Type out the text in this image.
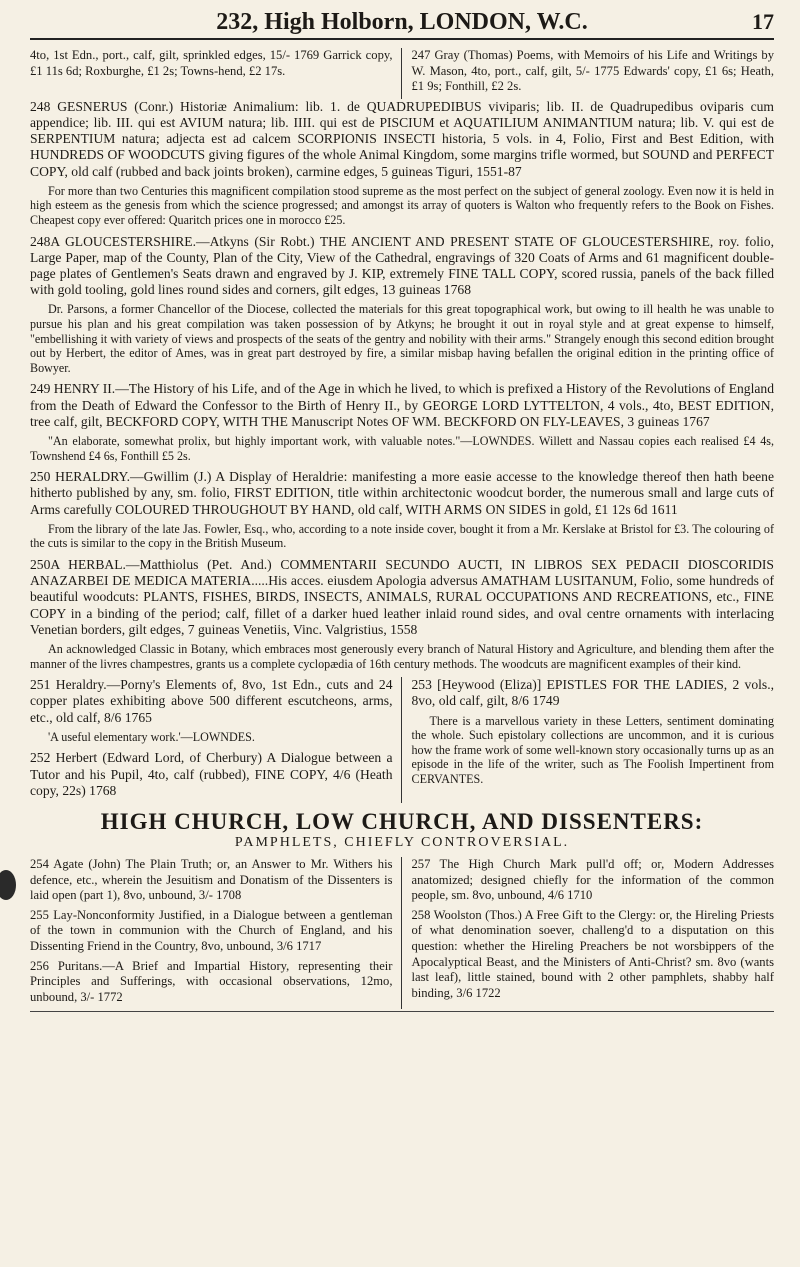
232, High Holborn, LONDON, W.C.	17

4to, 1st Edn., port., calf, gilt, sprinkled edges, 15/- 1769 Garrick copy, £1 11s 6d; Roxburghe, £1 2s; Towns-hend, £2 17s.

247 Gray (Thomas) Poems, with Memoirs of his Life and Writings by W. Mason, 4to, port., calf, gilt, 5/- 1775 Edwards' copy, £1 6s; Heath, £1 9s; Fonthill, £2 2s.

248 GESNERUS (Conr.) Historiæ Animalium: lib. 1. de QUADRUPEDIBUS viviparis; lib. II. de Quadrupedibus oviparis cum appendice; lib. III. qui est AVIUM natura; lib. IIII. qui est de PISCIUM et AQUATILIUM ANIMANTIUM natura; lib. V. qui est de SERPENTIUM natura; adjecta est ad calcem SCORPIONIS INSECTI historia, 5 vols. in 4, Folio, First and Best Edition, with HUNDREDS OF WOODCUTS giving figures of the whole Animal Kingdom, some margins trifle wormed, but SOUND and PERFECT COPY, old calf (rubbed and back joints broken), carmine edges, 5 guineas Tiguri, 1551-87

For more than two Centuries this magnificent compilation stood supreme as the most perfect on the subject of general zoology. Even now it is held in high esteem as the genesis from which the science progressed; and amongst its array of quoters is Walton who frequently refers to the Book on Fishes. Cheapest copy ever offered: Quaritch prices one in morocco £25.

248A GLOUCESTERSHIRE.—Atkyns (Sir Robt.) THE ANCIENT AND PRESENT STATE OF GLOUCESTERSHIRE, roy. folio, Large Paper, map of the County, Plan of the City, View of the Cathedral, engravings of 320 Coats of Arms and 61 magnificent double-page plates of Gentlemen's Seats drawn and engraved by J. KIP, extremely FINE TALL COPY, scored russia, panels of the back filled with gold tooling, gold lines round sides and corners, gilt edges, 13 guineas 1768

Dr. Parsons, a former Chancellor of the Diocese, collected the materials for this great topographical work, but owing to ill health he was unable to pursue his plan and his great compilation was taken possession of by Atkyns; he brought it out in royal style and at great expense to himself, "embellishing it with variety of views and prospects of the seats of the gentry and nobility with their arms." Strangely enough this second edition brought out by Herbert, the editor of Ames, was in great part destroyed by fire, a similar misbap having befallen the original edition in the printing office of Bowyer.

249 HENRY II.—The History of his Life, and of the Age in which he lived, to which is prefixed a History of the Revolutions of England from the Death of Edward the Confessor to the Birth of Henry II., by GEORGE LORD LYTTELTON, 4 vols., 4to, BEST EDITION, tree calf, gilt, BECKFORD COPY, WITH THE Manuscript Notes OF WM. BECKFORD ON FLY-LEAVES, 3 guineas 1767

"An elaborate, somewhat prolix, but highly important work, with valuable notes."—LOWNDES. Willett and Nassau copies each realised £4 4s, Townshend £4 6s, Fonthill £5 2s.

250 HERALDRY.—Gwillim (J.) A Display of Heraldrie: manifesting a more easie accesse to the knowledge thereof then hath beene hitherto published by any, sm. folio, FIRST EDITION, title within architectonic woodcut border, the numerous small and large cuts of Arms carefully COLOURED THROUGHOUT BY HAND, old calf, WITH ARMS ON SIDES in gold, £1 12s 6d 1611

From the library of the late Jas. Fowler, Esq., who, according to a note inside cover, bought it from a Mr. Kerslake at Bristol for £3. The colouring of the cuts is similar to the copy in the British Museum.

250A HERBAL.—Matthiolus (Pet. And.) COMMENTARII SECUNDO AUCTI, IN LIBROS SEX PEDACII DIOSCORIDIS ANAZARBEI DE MEDICA MATERIA.....His acces. eiusdem Apologia adversus AMATHAM LUSITANUM, Folio, some hundreds of beautiful woodcuts: PLANTS, FISHES, BIRDS, INSECTS, ANIMALS, RURAL OCCUPATIONS AND RECREATIONS, etc., FINE COPY in a binding of the period; calf, fillet of a darker hued leather inlaid round sides, and oval centre ornaments with interlacing Venetian borders, gilt edges, 7 guineas Venetiis, Vinc. Valgristius, 1558

An acknowledged Classic in Botany, which embraces most generously every branch of Natural History and Agriculture, and blending them after the manner of the livres champestres, grants us a complete cyclopædia of 16th century methods. The woodcuts are magnificent examples of their kind.

251 Heraldry.—Porny's Elements of, 8vo, 1st Edn., cuts and 24 copper plates exhibiting above 500 different escutcheons, arms, etc., old calf, 8/6 1765

'A useful elementary work.'—LOWNDES.

252 Herbert (Edward Lord, of Cherbury) A Dialogue between a Tutor and his Pupil, 4to, calf (rubbed), FINE COPY, 4/6 (Heath copy, 22s) 1768

253 [Heywood (Eliza)] EPISTLES FOR THE LADIES, 2 vols., 8vo, old calf, gilt, 8/6 1749

There is a marvellous variety in these Letters, sentiment dominating the whole. Such epistolary collections are uncommon, and it is curious how the frame work of some well-known story occasionally turns up as an episode in the life of the writer, such as The Foolish Impertinent from CERVANTES.

HIGH CHURCH, LOW CHURCH, AND DISSENTERS:
PAMPHLETS, CHIEFLY CONTROVERSIAL.

254 Agate (John) The Plain Truth; or, an Answer to Mr. Withers his defence, etc., wherein the Jesuitism and Donatism of the Dissenters is laid open (part 1), 8vo, unbound, 3/- 1708

255 Lay-Nonconformity Justified, in a Dialogue between a gentleman of the town in communion with the Church of England, and his Dissenting Friend in the Country, 8vo, unbound, 3/6 1717

256 Puritans.—A Brief and Impartial History, representing their Principles and Sufferings, with occasional observations, 12mo, unbound, 3/- 1772

257 The High Church Mark pull'd off; or, Modern Addresses anatomized; designed chiefly for the information of the common people, sm. 8vo, unbound, 4/6 1710

258 Woolston (Thos.) A Free Gift to the Clergy: or, the Hireling Priests of what denomination soever, challeng'd to a disputation on this question: whether the Hireling Preachers be not worsbippers of the Apocalyptical Beast, and the Ministers of Anti-Christ? sm. 8vo (wants last leaf), little stained, bound with 2 other pamphlets, shabby half binding, 3/6 1722
